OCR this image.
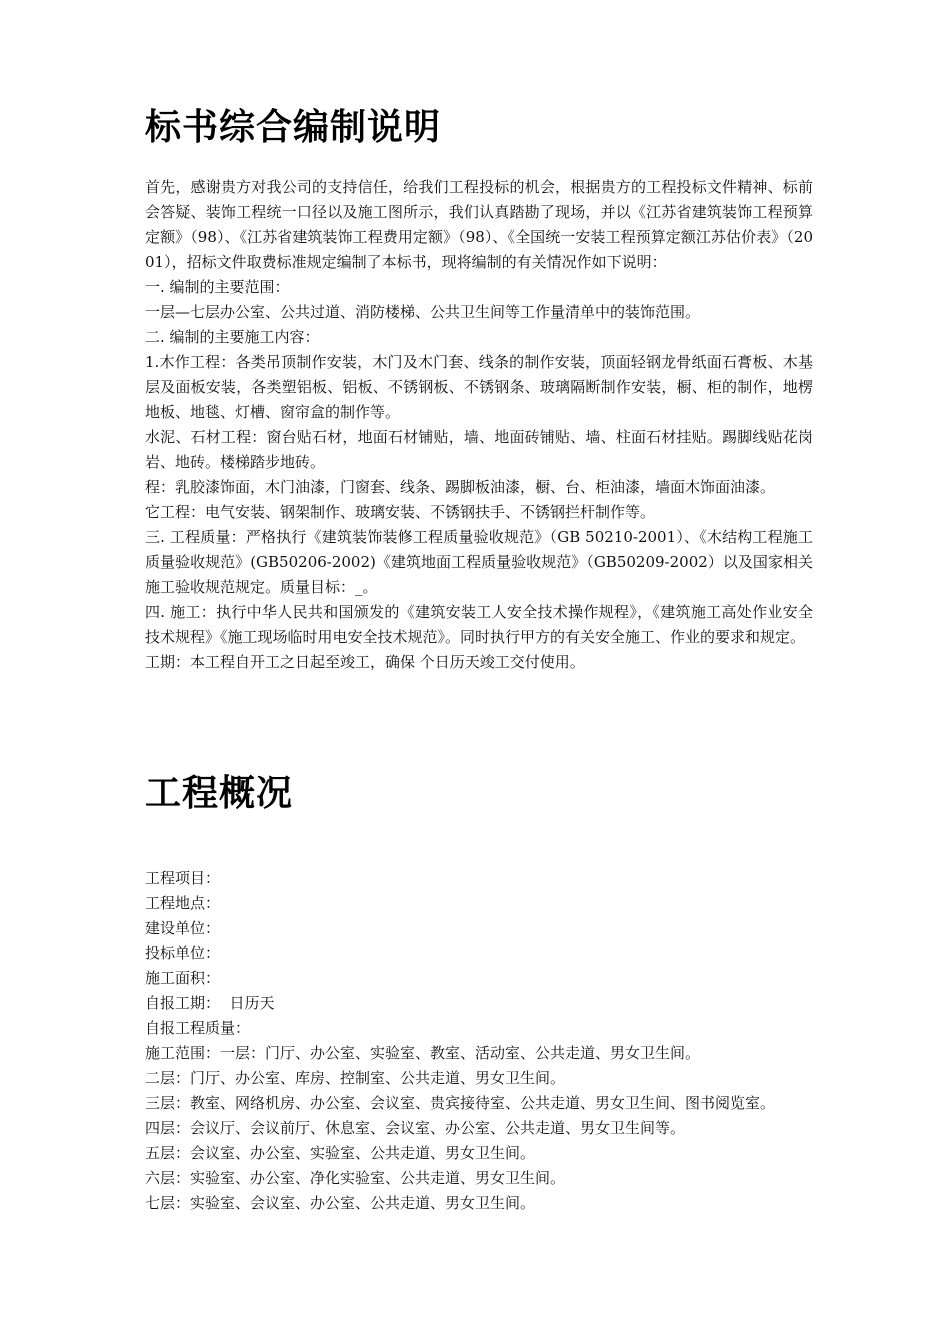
标书综合编制说明

首先，感谢贵方对我公司的支持信任，给我们工程投标的机会，根据贵方的工程投标文件精神、标前会答疑、装饰工程统一口径以及施工图所示，我们认真踏勘了现场，并以《江苏省建筑装饰工程预算定额》（98）、《江苏省建筑装饰工程费用定额》（98）、《全国统一安装工程预算定额江苏估价表》（2001），招标文件取费标准规定编制了本标书，现将编制的有关情况作如下说明：

一. 编制的主要范围：

一层—七层办公室、公共过道、消防楼梯、公共卫生间等工作量清单中的装饰范围。

二. 编制的主要施工内容：

1.木作工程：各类吊顶制作安装，木门及木门套、线条的制作安装，顶面轻钢龙骨纸面石膏板、木基层及面板安装，各类塑铝板、铝板、不锈钢板、不锈钢条、玻璃隔断制作安装，橱、柜的制作，地楞地板、地毯、灯槽、窗帘盒的制作等。

水泥、石材工程：窗台贴石材，地面石材铺贴，墙、地面砖铺贴、墙、柱面石材挂贴。踢脚线贴花岗岩、地砖。楼梯踏步地砖。

程：乳胶漆饰面，木门油漆，门窗套、线条、踢脚板油漆，橱、台、柜油漆，墙面木饰面油漆。

它工程：电气安装、钢架制作、玻璃安装、不锈钢扶手、不锈钢拦杆制作等。

三. 工程质量：严格执行《建筑装饰装修工程质量验收规范》（GB 50210-2001）、《木结构工程施工质量验收规范》(GB50206-2002)《建筑地面工程质量验收规范》（GB50209-2002）以及国家相关施工验收规范规定。质量目标：_。

四. 施工：执行中华人民共和国颁发的《建筑安装工人安全技术操作规程》，《建筑施工高处作业安全技术规程》《施工现场临时用电安全技术规范》。同时执行甲方的有关安全施工、作业的要求和规定。

工期：本工程自开工之日起至竣工，确保 个日历天竣工交付使用。

工程概况

工程项目：

工程地点：

建设单位：

投标单位：

施工面积：

自报工期：  日历天

自报工程质量：

施工范围：一层：门厅、办公室、实验室、教室、活动室、公共走道、男女卫生间。

二层：门厅、办公室、库房、控制室、公共走道、男女卫生间。

三层：教室、网络机房、办公室、会议室、贵宾接待室、公共走道、男女卫生间、图书阅览室。

四层：会议厅、会议前厅、休息室、会议室、办公室、公共走道、男女卫生间等。

五层：会议室、办公室、实验室、公共走道、男女卫生间。

六层：实验室、办公室、净化实验室、公共走道、男女卫生间。

七层：实验室、会议室、办公室、公共走道、男女卫生间。
